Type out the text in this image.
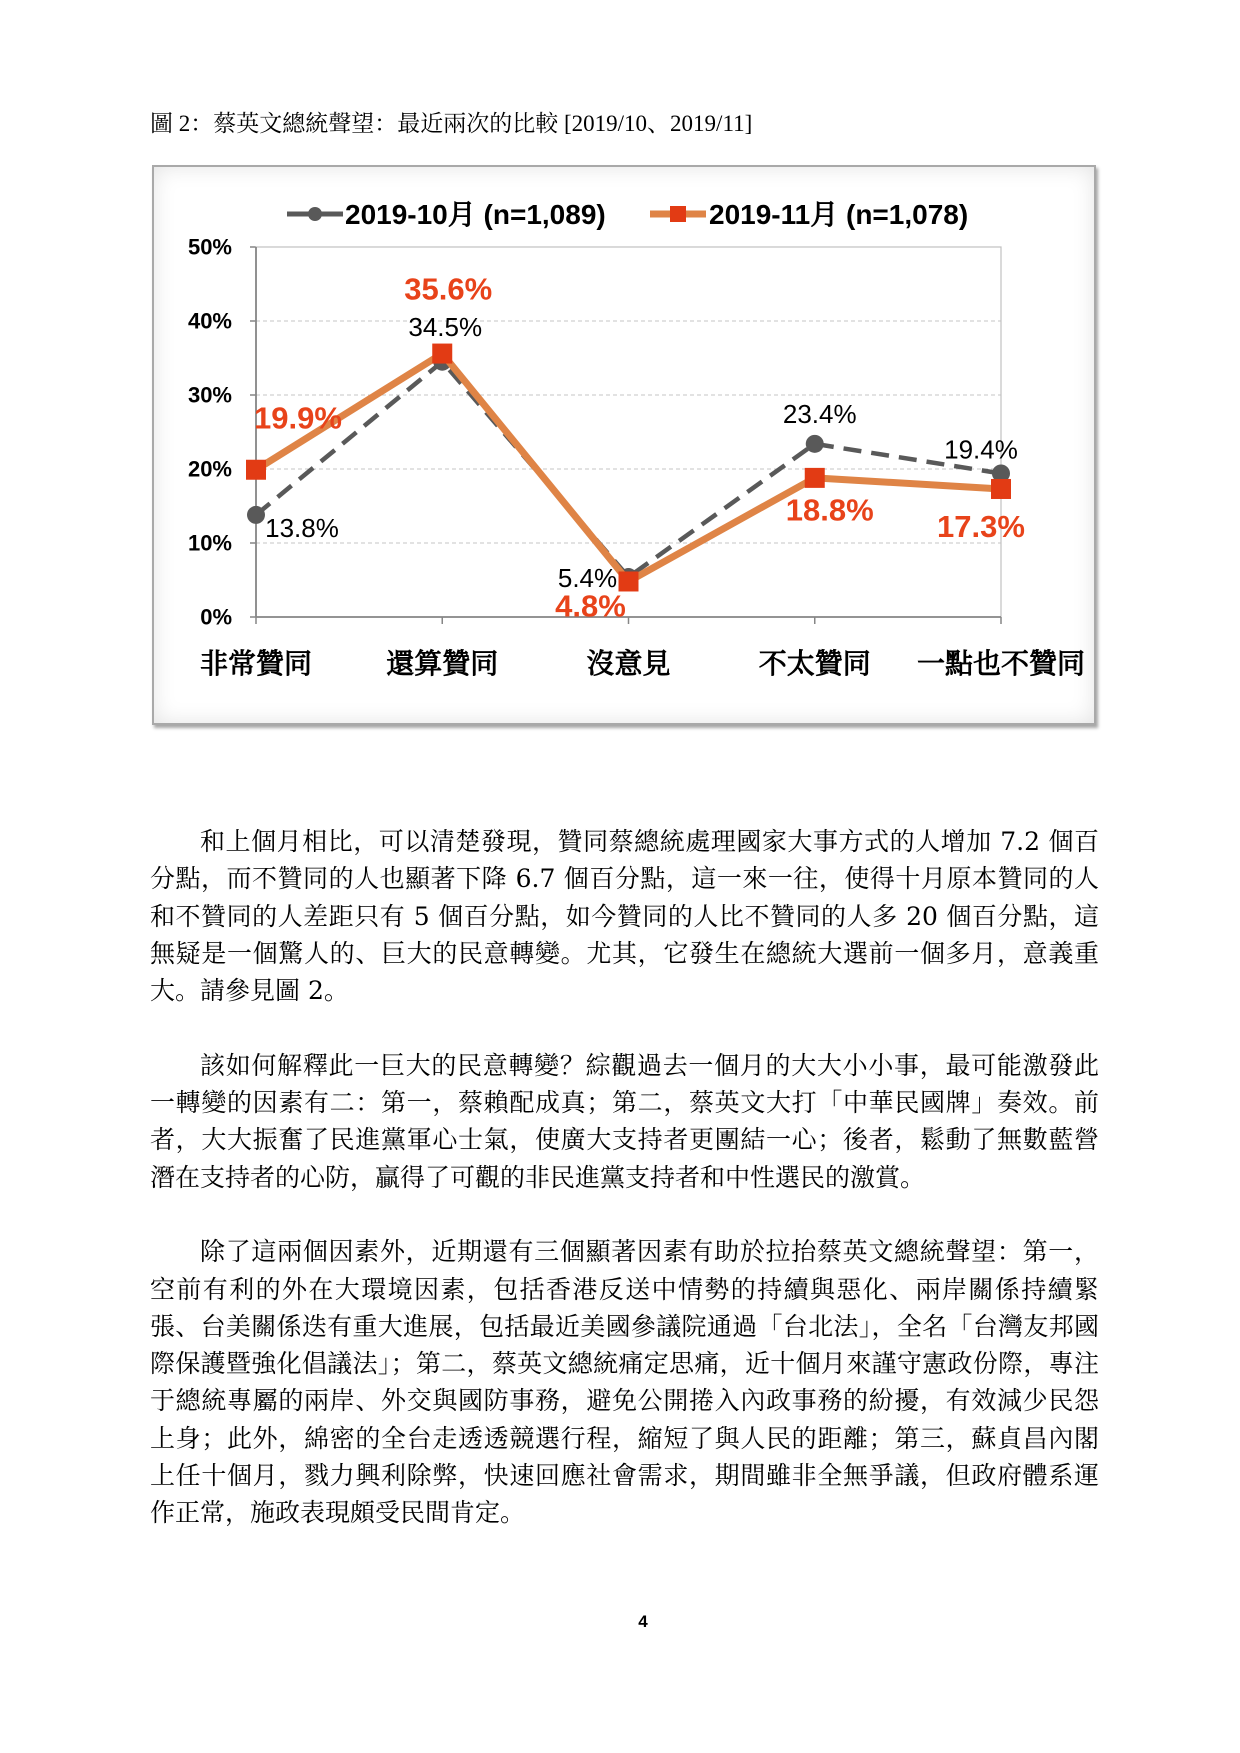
圖 2：蔡英文總統聲望：最近兩次的比較 [2019/10、2019/11]
0%
10%
20%
30%
40%
50%
非常贊同	還算贊同	沒意見	不太贊同 一點也不贊同
13.8%
34.5%
5.4%
23.4%
19.4%
19.9%
35.6%
4.8%
18.8% 17.3%
2019-10月 (n=1,089)	2019-11月 (n=1,078)

和上個月相比，可以清楚發現，贊同蔡總統處理國家大事方式的人增加 7.2 個百分點，而不贊同的人也顯著下降 6.7 個百分點，這一來一往，使得十月原本贊同的人和不贊同的人差距只有 5 個百分點，如今贊同的人比不贊同的人多 20 個百分點，這無疑是一個驚人的、巨大的民意轉變。尤其，它發生在總統大選前一個多月，意義重大。請參見圖 2。

該如何解釋此一巨大的民意轉變？綜觀過去一個月的大大小小事，最可能激發此一轉變的因素有二：第一，蔡賴配成真；第二，蔡英文大打「中華民國牌」奏效。前者，大大振奮了民進黨軍心士氣，使廣大支持者更團結一心；後者，鬆動了無數藍營潛在支持者的心防，贏得了可觀的非民進黨支持者和中性選民的激賞。

除了這兩個因素外，近期還有三個顯著因素有助於拉抬蔡英文總統聲望：第一，空前有利的外在大環境因素，包括香港反送中情勢的持續與惡化、兩岸關係持續緊張、台美關係迭有重大進展，包括最近美國參議院通過「台北法」，全名「台灣友邦國際保護暨強化倡議法」；第二，蔡英文總統痛定思痛，近十個月來謹守憲政份際，專注于總統專屬的兩岸、外交與國防事務，避免公開捲入內政事務的紛擾，有效減少民怨上身；此外，綿密的全台走透透競選行程，縮短了與人民的距離；第三，蘇貞昌內閣上任十個月，戮力興利除弊，快速回應社會需求，期間雖非全無爭議，但政府體系運作正常，施政表現頗受民間肯定。

4
